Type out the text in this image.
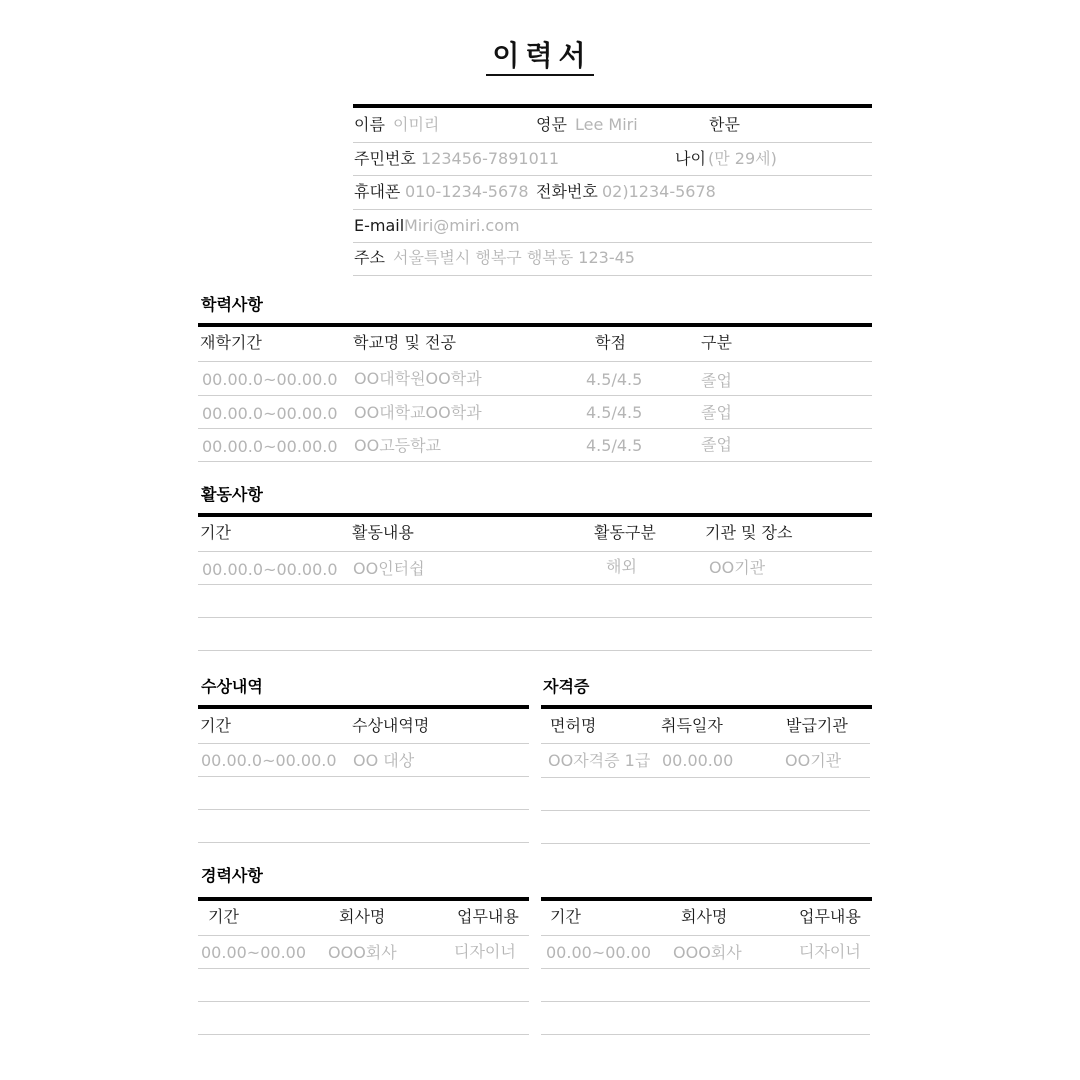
이력서
이름 이미리	영문 Lee Miri	한문
주민번호 123456-7891011	나이 (만 29세)
휴대폰 010-1234-5678 전화번호 02)1234-5678
E-mail Miri@miri.com
주소 서울특별시 행복구 행복동 123-45
학력사항
재학기간	학교명 및 전공	학점	구분
00.00.0~00.00.0 OO대학원OO학과	4.5/4.5	졸업
00.00.0~00.00.0 OO대학교OO학과	4.5/4.5	졸업
00.00.0~00.00.0 OO고등학교	4.5/4.5	졸업
활동사항
기간	활동내용	활동구분	기관 및 장소
00.00.0~00.00.0 OO인터쉽	해외	OO기관
수상내역
기간	수상내역명
00.00.0~00.00.0 OO 대상
자격증
면허명	취득일자	발급기관
OO자격증 1급 00.00.00	OO기관
경력사항
기간	회사명	업무내용
00.00~00.00 OOO회사	디자이너
기간	회사명	업무내용
00.00~00.00 OOO회사	디자이너
